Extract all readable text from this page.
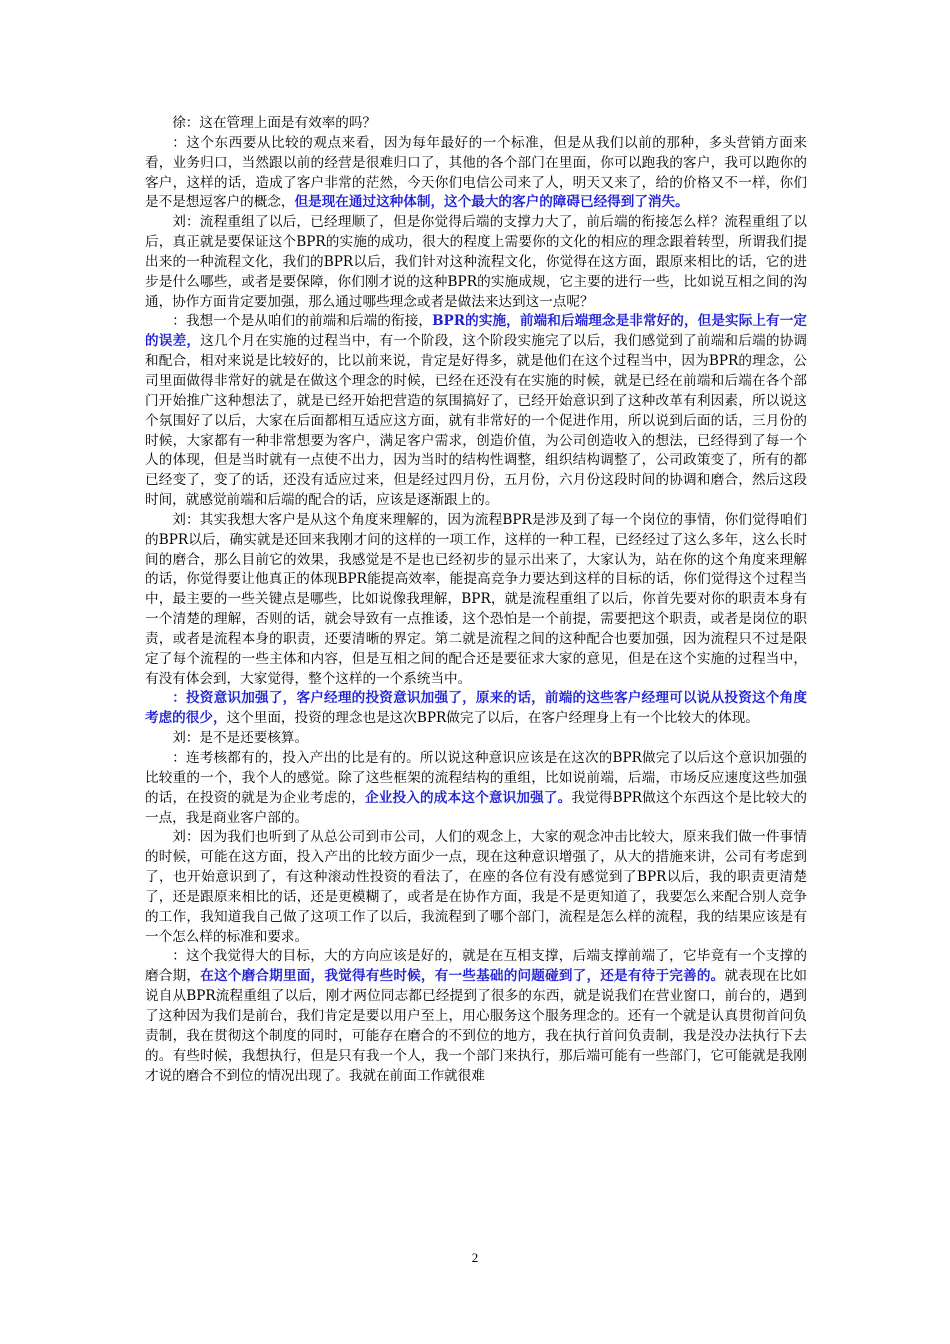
徐：这在管理上面是有效率的吗？

：这个东西要从比较的观点来看，因为每年最好的一个标准，但是从我们以前的那种，多头营销方面来看，业务归口，当然跟以前的经营是很难归口了，其他的各个部门在里面，你可以跑我的客户，我可以跑你的客户，这样的话，造成了客户非常的茫然，今天你们电信公司来了人，明天又来了，给的价格又不一样，你们是不是想逗客户的概念，但是现在通过这种体制，这个最大的客户的障碍已经得到了消失。

刘：流程重组了以后，已经理顺了，但是你觉得后端的支撑力大了，前后端的衔接怎么样？流程重组了以后，真正就是要保证这个BPR的实施的成功，很大的程度上需要你的文化的相应的理念跟着转型，所谓我们提出来的一种流程文化，我们的BPR以后，我们针对这种流程文化，你觉得在这方面，跟原来相比的话，它的进步是什么哪些，或者是要保障，你们刚才说的这种BPR的实施成规，它主要的进行一些，比如说互相之间的沟通，协作方面肯定要加强，那么通过哪些理念或者是做法来达到这一点呢？

：我想一个是从咱们的前端和后端的衔接，BPR的实施，前端和后端理念是非常好的，但是实际上有一定的误差，这几个月在实施的过程当中，有一个阶段，这个阶段实施完了以后，我们感觉到了前端和后端的协调和配合，相对来说是比较好的，比以前来说，肯定是好得多，就是他们在这个过程当中，因为BPR的理念，公司里面做得非常好的就是在做这个理念的时候，已经在还没有在实施的时候，就是已经在前端和后端在各个部门开始推广这种想法了，就是已经开始把营造的氛围搞好了，已经开始意识到了这种改革有利因素，所以说这个氛围好了以后，大家在后面都相互适应这方面，就有非常好的一个促进作用，所以说到后面的话，三月份的时候，大家都有一种非常想要为客户，满足客户需求，创造价值，为公司创造收入的想法，已经得到了每一个人的体现，但是当时就有一点使不出力，因为当时的结构性调整，组织结构调整了，公司政策变了，所有的都已经变了，变了的话，还没有适应过来，但是经过四月份，五月份，六月份这段时间的协调和磨合，然后这段时间，就感觉前端和后端的配合的话，应该是逐渐跟上的。

刘：其实我想大客户是从这个角度来理解的，因为流程BPR是涉及到了每一个岗位的事情，你们觉得咱们的BPR以后，确实就是还回来我刚才问的这样的一项工作，这样的一种工程，已经经过了这么多年，这么长时间的磨合，那么目前它的效果，我感觉是不是也已经初步的显示出来了，大家认为，站在你的这个角度来理解的话，你觉得要让他真正的体现BPR能提高效率，能提高竞争力要达到这样的目标的话，你们觉得这个过程当中，最主要的一些关键点是哪些，比如说像我理解，BPR，就是流程重组了以后，你首先要对你的职责本身有一个清楚的理解，否则的话，就会导致有一点推诿，这个恐怕是一个前提，需要把这个职责，或者是岗位的职责，或者是流程本身的职责，还要清晰的界定。第二就是流程之间的这种配合也要加强，因为流程只不过是限定了每个流程的一些主体和内容，但是互相之间的配合还是要征求大家的意见，但是在这个实施的过程当中，有没有体会到，大家觉得，整个这样的一个系统当中。

：投资意识加强了，客户经理的投资意识加强了，原来的话，前端的这些客户经理可以说从投资这个角度考虑的很少，这个里面，投资的理念也是这次BPR做完了以后，在客户经理身上有一个比较大的体现。

刘：是不是还要核算。

：连考核都有的，投入产出的比是有的。所以说这种意识应该是在这次的BPR做完了以后这个意识加强的比较重的一个，我个人的感觉。除了这些框架的流程结构的重组，比如说前端，后端，市场反应速度这些加强的话，在投资的就是为企业考虑的，企业投入的成本这个意识加强了。我觉得BPR做这个东西这个是比较大的一点，我是商业客户部的。

刘：因为我们也听到了从总公司到市公司，人们的观念上，大家的观念冲击比较大，原来我们做一件事情的时候，可能在这方面，投入产出的比较方面少一点，现在这种意识增强了，从大的措施来讲，公司有考虑到了，也开始意识到了，有这种滚动性投资的看法了，在座的各位有没有感觉到了BPR以后，我的职责更清楚了，还是跟原来相比的话，还是更模糊了，或者是在协作方面，我是不是更知道了，我要怎么来配合别人竞争的工作，我知道我自己做了这项工作了以后，我流程到了哪个部门，流程是怎么样的流程，我的结果应该是有一个怎么样的标准和要求。

：这个我觉得大的目标，大的方向应该是好的，就是在互相支撑，后端支撑前端了，它毕竟有一个支撑的磨合期，在这个磨合期里面，我觉得有些时候，有一些基础的问题碰到了，还是有待于完善的。就表现在比如说自从BPR流程重组了以后，刚才两位同志都已经提到了很多的东西，就是说我们在营业窗口，前台的，遇到了这种因为我们是前台，我们肯定是要以用户至上，用心服务这个服务理念的。还有一个就是认真贯彻首问负责制，我在贯彻这个制度的同时，可能存在磨合的不到位的地方，我在执行首问负责制，我是没办法执行下去的。有些时候，我想执行，但是只有我一个人，我一个部门来执行，那后端可能有一些部门，它可能就是我刚才说的磨合不到位的情况出现了。我就在前面工作就很难

2
